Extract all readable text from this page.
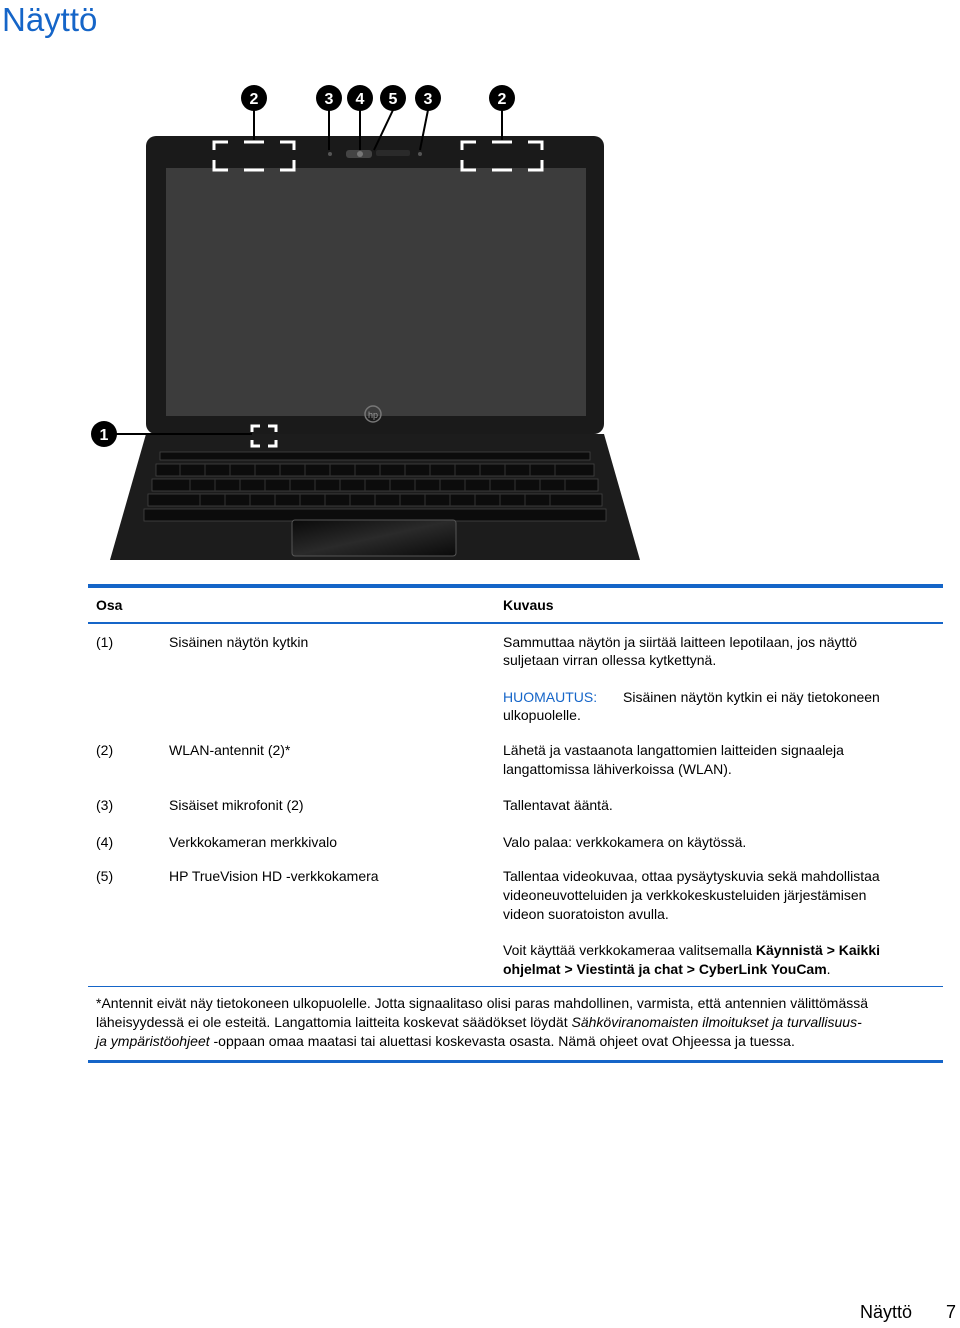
Näyttö
hp
2	3 4 5 3	2
1
Osa	Kuvaus
(1)	Sisäinen näytön kytkin	Sammuttaa näytön ja siirtää laitteen lepotilaan, jos näyttö
suljetaan virran ollessa kytkettynä.
HUOMAUTUS: Sisäinen näytön kytkin ei näy tietokoneen
ulkopuolelle.
(2)	WLAN-antennit (2)*	Lähetä ja vastaanota langattomien laitteiden signaaleja
langattomissa lähiverkoissa (WLAN).
(3)	Sisäiset mikrofonit (2)	Tallentavat ääntä.
(4)	Verkkokameran merkkivalo	Valo palaa: verkkokamera on käytössä.
(5)	HP TrueVision HD -verkkokamera	Tallentaa videokuvaa, ottaa pysäytyskuvia sekä mahdollistaa
videoneuvotteluiden ja verkkokeskusteluiden järjestämisen
videon suoratoiston avulla.
Voit käyttää verkkokameraa valitsemalla Käynnistä > Kaikki
ohjelmat > Viestintä ja chat > CyberLink YouCam.
*Antennit eivät näy tietokoneen ulkopuolelle. Jotta signaalitaso olisi paras mahdollinen, varmista, että antennien välittömässä
läheisyydessä ei ole esteitä. Langattomia laitteita koskevat säädökset löydät Sähköviranomaisten ilmoitukset ja turvallisuus-
ja ympäristöohjeet -oppaan omaa maatasi tai aluettasi koskevasta osasta. Nämä ohjeet ovat Ohjeessa ja tuessa.
Näyttö 7
